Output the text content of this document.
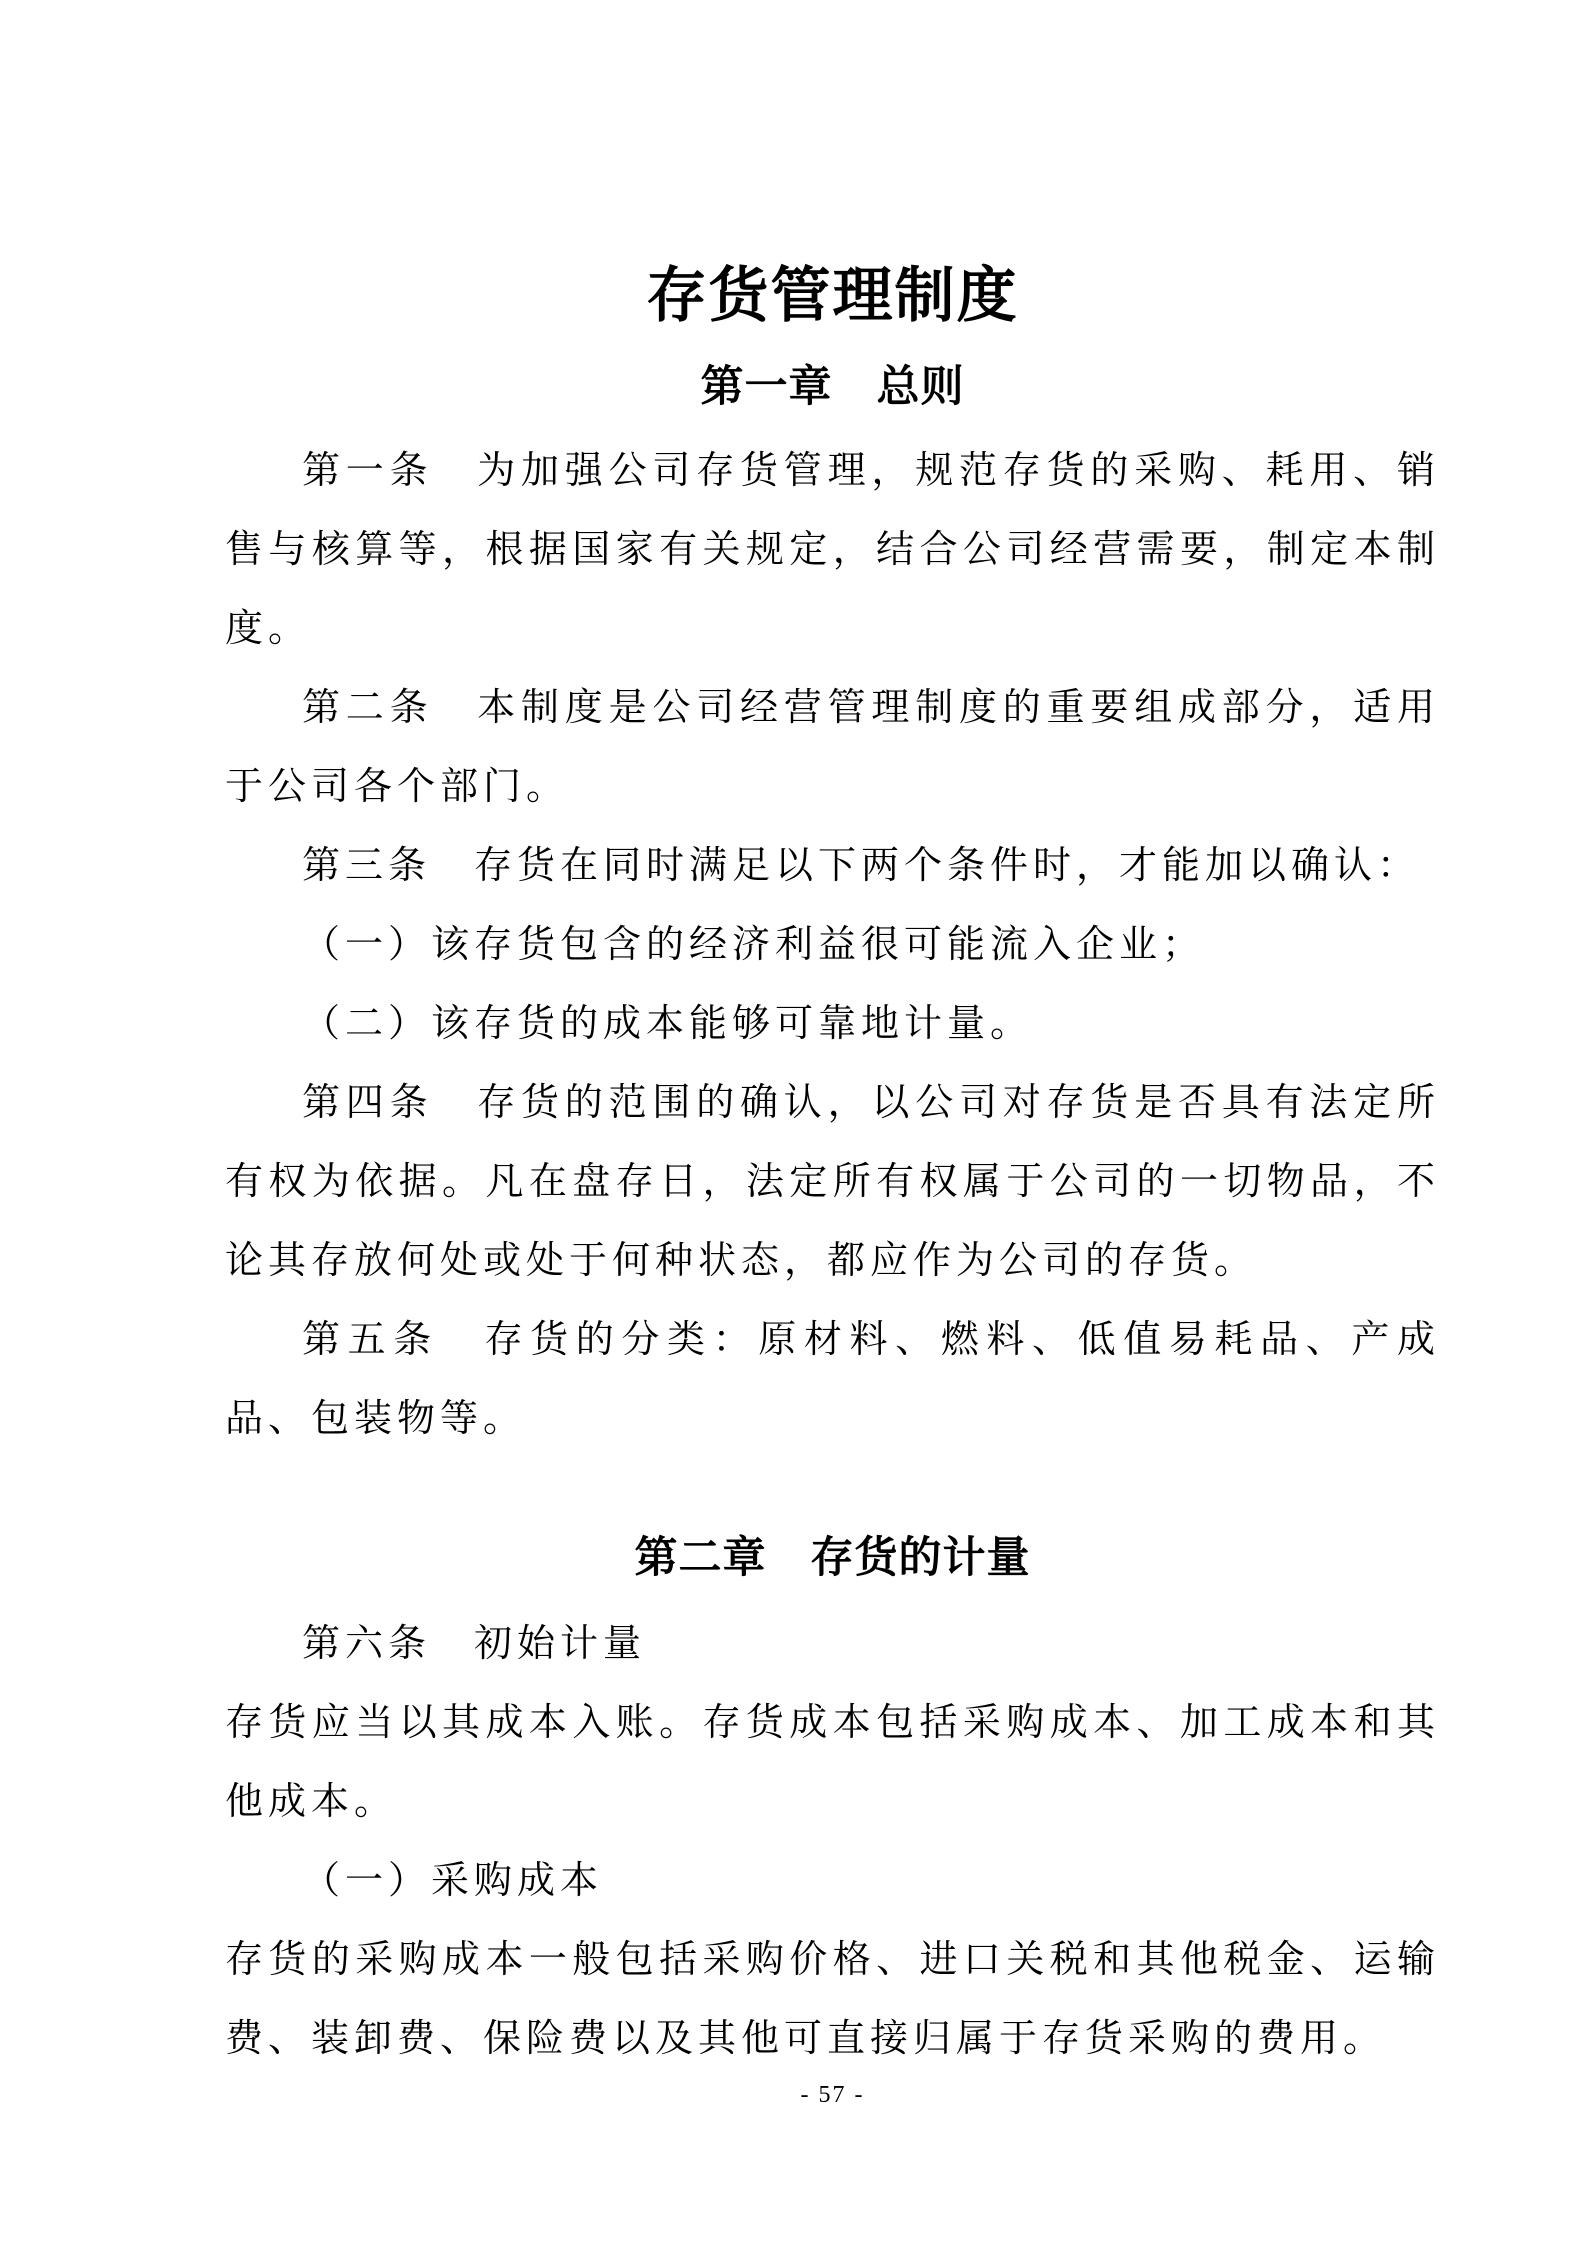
存货管理制度
第一章　总则

第一条　为加强公司存货管理，规范存货的采购、耗用、销售与核算等，根据国家有关规定，结合公司经营需要，制定本制度。

第二条　本制度是公司经营管理制度的重要组成部分，适用于公司各个部门。

第三条　存货在同时满足以下两个条件时，才能加以确认：

（一）该存货包含的经济利益很可能流入企业；

（二）该存货的成本能够可靠地计量。

第四条　存货的范围的确认，以公司对存货是否具有法定所有权为依据。凡在盘存日，法定所有权属于公司的一切物品，不论其存放何处或处于何种状态，都应作为公司的存货。

第五条　存货的分类：原材料、燃料、低值易耗品、产成品、包装物等。

第二章　存货的计量

第六条　初始计量

存货应当以其成本入账。存货成本包括采购成本、加工成本和其他成本。

（一）采购成本

存货的采购成本一般包括采购价格、进口关税和其他税金、运输费、装卸费、保险费以及其他可直接归属于存货采购的费用。

- 57 -
